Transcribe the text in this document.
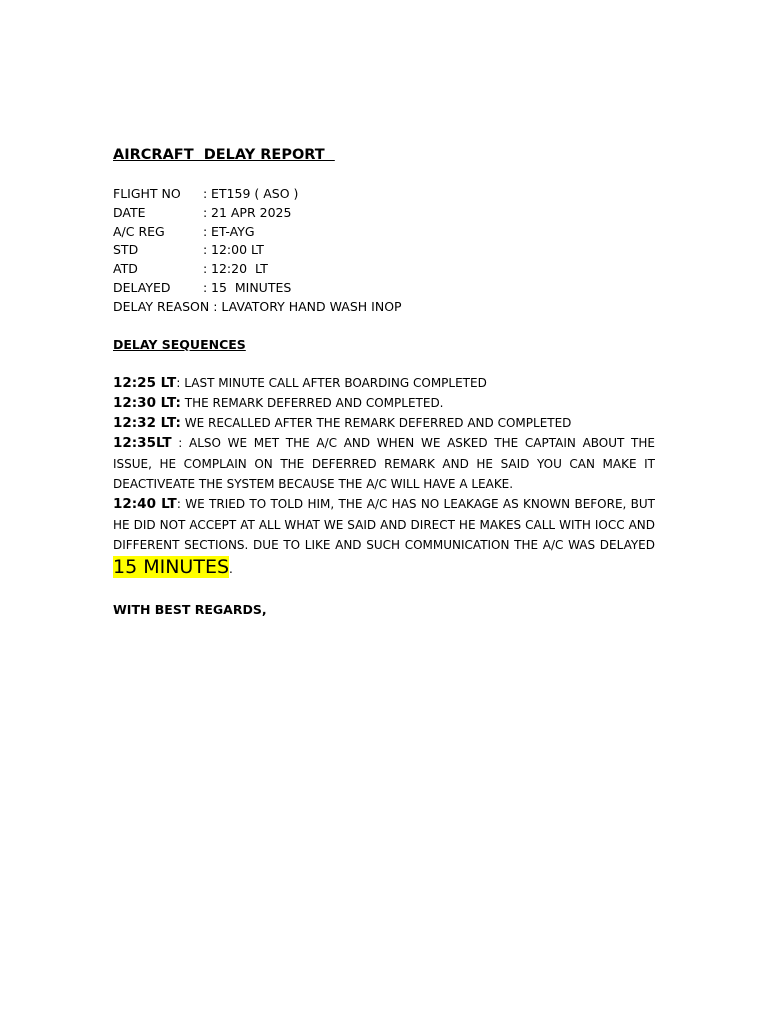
AIRCRAFT  DELAY REPORT

FLIGHT NO	: ET159 ( ASO )
DATE	: 21 APR 2025
A/C REG	: ET-AYG
STD	: 12:00 LT
ATD	: 12:20  LT
DELAYED	: 15  MINUTES
DELAY REASON : LAVATORY HAND WASH INOP
DELAY SEQUENCES
12:25 LT: LAST MINUTE CALL AFTER BOARDING COMPLETED
12:30 LT: THE REMARK DEFERRED AND COMPLETED.
12:32 LT: WE RECALLED AFTER THE REMARK DEFERRED AND COMPLETED
12:35LT : ALSO WE MET THE A/C AND WHEN WE ASKED THE CAPTAIN ABOUT THE ISSUE, HE COMPLAIN ON THE DEFERRED REMARK AND HE SAID YOU CAN MAKE IT DEACTIVEATE THE SYSTEM BECAUSE THE A/C WILL HAVE A LEAKE.
12:40 LT: WE TRIED TO TOLD HIM, THE A/C HAS NO LEAKAGE AS KNOWN BEFORE, BUT HE DID NOT ACCEPT AT ALL WHAT WE SAID AND DIRECT HE MAKES CALL WITH IOCC AND DIFFERENT SECTIONS. DUE TO LIKE AND SUCH COMMUNICATION THE A/C WAS DELAYED 15 MINUTES.
WITH BEST REGARDS,
